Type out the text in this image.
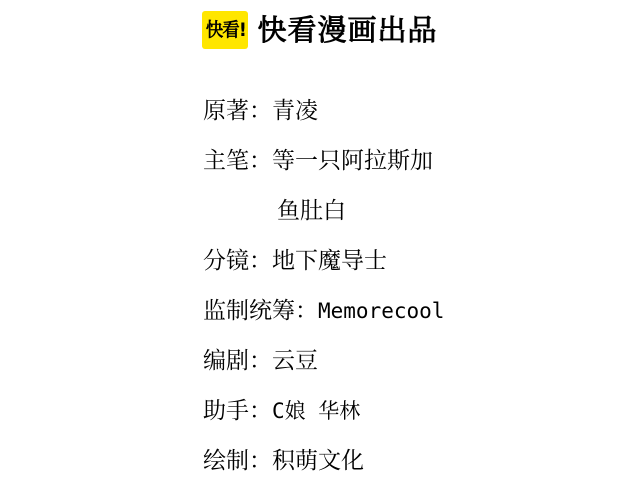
快看! 快看漫画出品
原著： 青凌
主笔： 等一只阿拉斯加
鱼肚白
分镜： 地下魔导士
监制统筹： Memorecool
编剧： 云豆
助手： C娘 华林
绘制： 积萌文化
